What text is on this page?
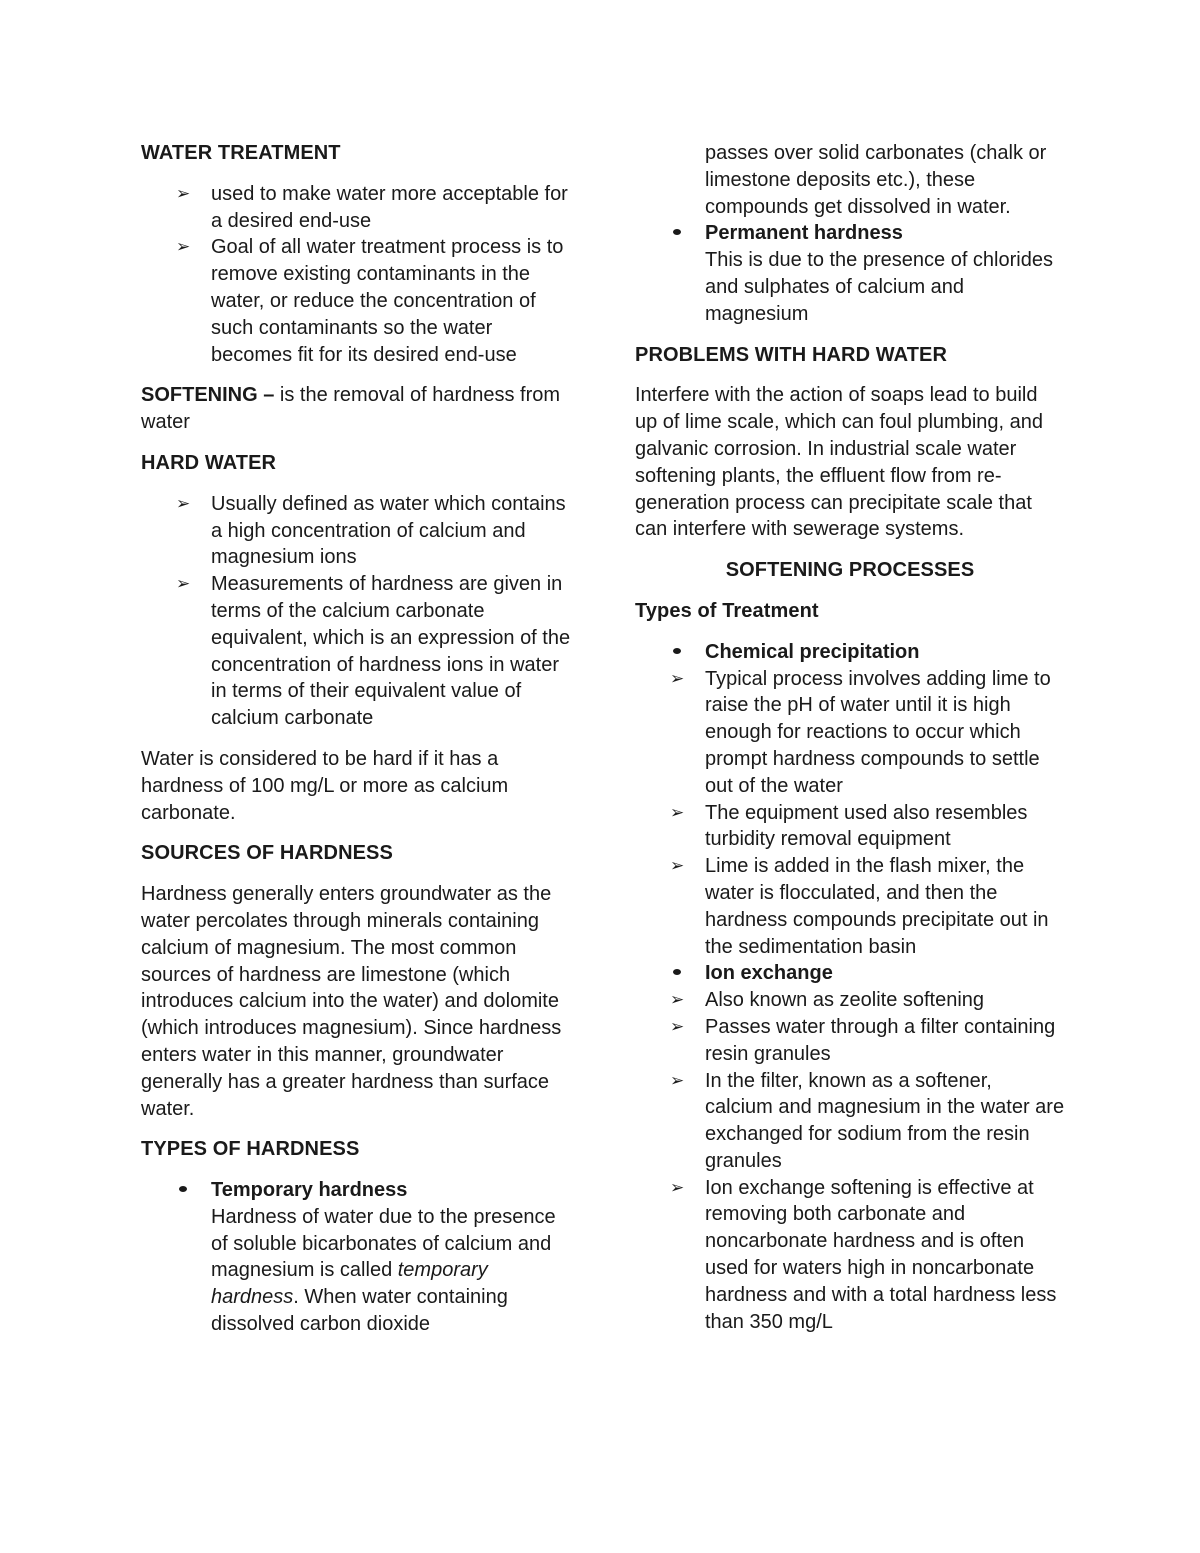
WATER TREATMENT
➢ used to make water more acceptable for a desired end-use
➢ Goal of all water treatment process is to remove existing contaminants in the water, or reduce the concentration of such contaminants so the water becomes fit for its desired end-use
SOFTENING – is the removal of hardness from water
HARD WATER
➢ Usually defined as water which contains a high concentration of calcium and magnesium ions
➢ Measurements of hardness are given in terms of the calcium carbonate equivalent, which is an expression of the concentration of hardness ions in water in terms of their equivalent value of calcium carbonate
Water is considered to be hard if it has a hardness of 100 mg/L or more as calcium carbonate.
SOURCES OF HARDNESS
Hardness generally enters groundwater as the water percolates through minerals containing calcium of magnesium. The most common sources of hardness are limestone (which introduces calcium into the water) and dolomite (which introduces magnesium). Since hardness enters water in this manner, groundwater generally has a greater hardness than surface water.
TYPES OF HARDNESS
Temporary hardness
Hardness of water due to the presence of soluble bicarbonates of calcium and magnesium is called temporary hardness. When water containing dissolved carbon dioxide
passes over solid carbonates (chalk or limestone deposits etc.), these compounds get dissolved in water.
Permanent hardness
This is due to the presence of chlorides and sulphates of calcium and magnesium
PROBLEMS WITH HARD WATER
Interfere with the action of soaps lead to build up of lime scale, which can foul plumbing, and galvanic corrosion. In industrial scale water softening plants, the effluent flow from re-generation process can precipitate scale that can interfere with sewerage systems.
SOFTENING PROCESSES
Types of Treatment
Chemical precipitation
➢ Typical process involves adding lime to raise the pH of water until it is high enough for reactions to occur which prompt hardness compounds to settle out of the water
➢ The equipment used also resembles turbidity removal equipment
➢ Lime is added in the flash mixer, the water is flocculated, and then the hardness compounds precipitate out in the sedimentation basin
Ion exchange
➢ Also known as zeolite softening
➢ Passes water through a filter containing resin granules
➢ In the filter, known as a softener, calcium and magnesium in the water are exchanged for sodium from the resin granules
➢ Ion exchange softening is effective at removing both carbonate and noncarbonate hardness and is often used for waters high in noncarbonate hardness and with a total hardness less than 350 mg/L
